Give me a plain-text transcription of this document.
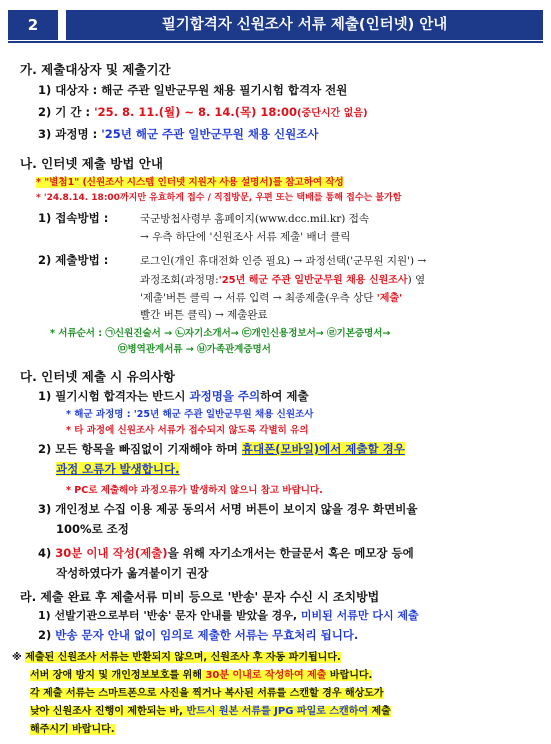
2	필기합격자 신원조사 서류 제출(인터넷) 안내
가. 제출대상자 및 제출기간
1) 대상자 : 해군 주관 일반군무원 채용 필기시험 합격자 전원
2) 기 간 : '25. 8. 11.(월) ~ 8. 14.(목) 18:00(중단시간 없음)
3) 과정명 : '25년 해군 주관 일반군무원 채용 신원조사
나. 인터넷 제출 방법 안내
* "별첨1" (신원조사 시스템 인터넷 지원자 사용 설명서)를 참고하여 작성
* '24.8.14. 18:00까지만 유효하게 접수 / 직접방문, 우편 또는 택배를 통해 접수는 불가함
1) 접속방법 :	국군방첩사령부 홈페이지(www.dcc.mil.kr) 접속
→ 우측 하단에 '신원조사 서류 제출' 배너 클릭
2) 제출방법 :	로그인(개인 휴대전화 인증 필요) → 과정선택('군무원 지원') →
과정조회(과정명:'25년 해군 주관 일반군무원 채용 신원조사) 옆
'제출'버튼 클릭 → 서류 입력 → 최종제출(우측 상단 '제출'
빨간 버튼 클릭) → 제출완료
* 서류순서 : ㉠신원진술서 → ㉡자기소개서→ ㉢개인신용정보서→ ㉣기본증명서→
㉤병역관계서류 → ㉥가족관계증명서
다. 인터넷 제출 시 유의사항
1) 필기시험 합격자는 반드시 과정명을 주의하여 제출
* 해군 과정명 : '25년 해군 주관 일반군무원 채용 신원조사
* 타 과정에 신원조사 서류가 접수되지 않도록 각별히 유의
2) 모든 항목을 빠짐없이 기재해야 하며 휴대폰(모바일)에서 제출할 경우
과정 오류가 발생합니다.
* PC로 제출해야 과정오류가 발생하지 않으니 참고 바랍니다.
3) 개인정보 수집 이용 제공 동의서 서명 버튼이 보이지 않을 경우 화면비율
100%로 조정
4) 30분 이내 작성(제출)을 위해 자기소개서는 한글문서 혹은 메모장 등에
작성하였다가 옮겨붙이기 권장
라. 제출 완료 후 제출서류 미비 등으로 '반송' 문자 수신 시 조치방법
1) 선발기관으로부터 '반송' 문자 안내를 받았을 경우, 미비된 서류만 다시 제출
2) 반송 문자 안내 없이 임의로 제출한 서류는 무효처리 됩니다.
※ 제출된 신원조사 서류는 반환되지 않으며, 신원조사 후 자동 파기됩니다.
서버 장애 방지 및 개인정보보호를 위해 30분 이내로 작성하여 제출 바랍니다.
각 제출 서류는 스마트폰으로 사진을 찍거나 복사된 서류를 스캔할 경우 해상도가
낮아 신원조사 진행이 제한되는 바, 반드시 원본 서류를 JPG 파일로 스캔하여 제출
해주시기 바랍니다.
